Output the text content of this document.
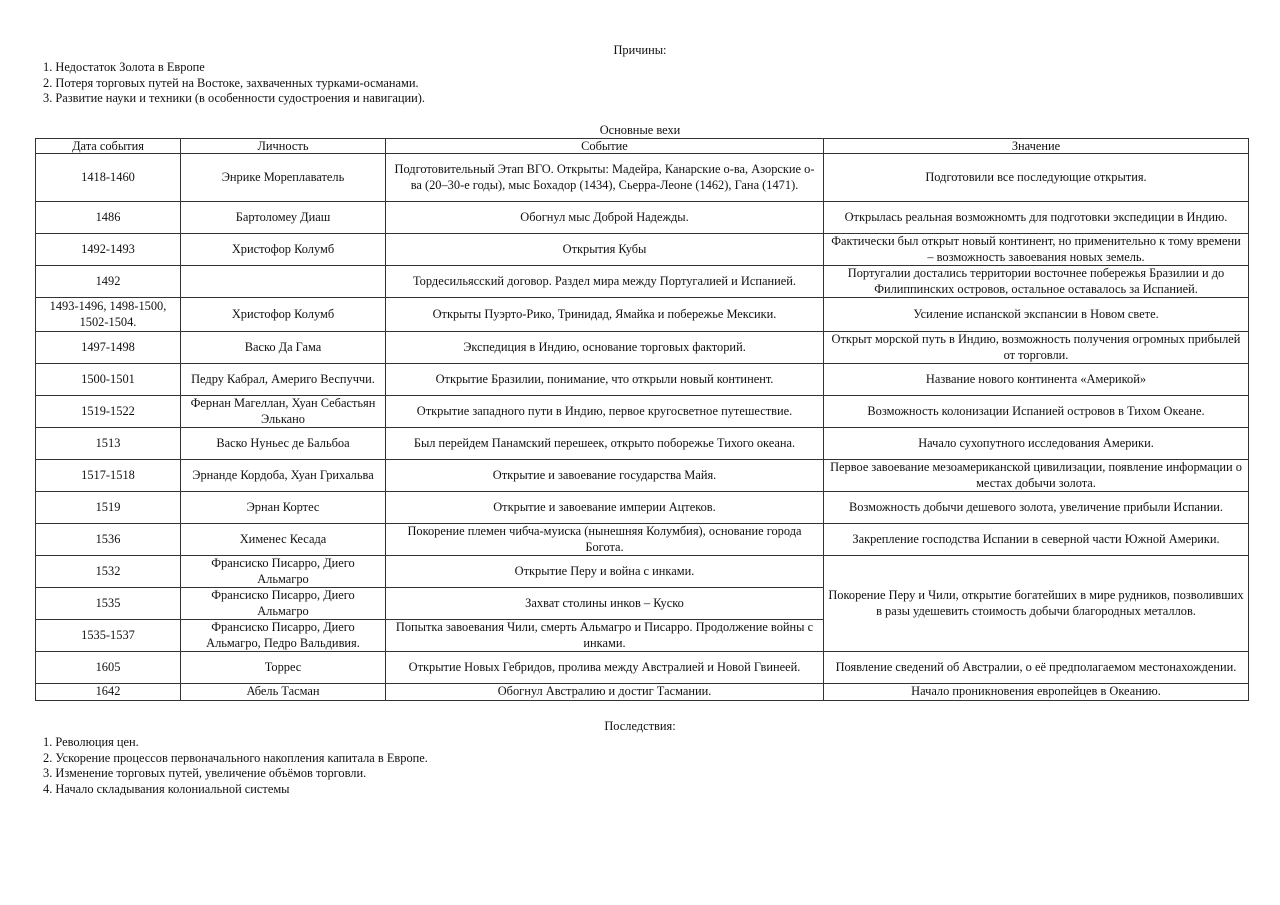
Причины:
1. Недостаток Золота в Европе
2. Потеря торговых путей на Востоке, захваченных турками-османами.
3. Развитие науки и техники (в особенности судостроения и навигации).
Основные вехи
Дата события	Личность	Событие	Значение
1418-1460	Энрике Мореплаватель	Подготовительный Этап ВГО. Открыты: Мадейра, Канарские о-ва, Азорские о-ва (20–30-е годы), мыс Бохадор (1434), Сьерра-Леоне (1462), Гана (1471).	Подготовили все последующие открытия.
1486	Бартоломеу Диаш	Обогнул мыс Доброй Надежды.	Открылась реальная возможномть для подготовки экспедиции в Индию.
1492-1493	Христофор Колумб	Открытия Кубы	Фактически был открыт новый континент, но применительно к тому времени – возможность завоевания новых земель.
1492		Тордесильясский договор. Раздел мира между Португалией и Испанией.	Португалии достались территории восточнее побережья Бразилии и до Филиппинских островов, остальное оставалось за Испанией.
1493-1496, 1498-1500, 1502-1504.	Христофор Колумб	Открыты Пуэрто-Рико, Тринидад, Ямайка и побережье Мексики.	Усиление испанской экспансии в Новом свете.
1497-1498	Васко Да Гама	Экспедиция в Индию, основание торговых факторий.	Открыт морской путь в Индию, возможность получения огромных прибылей от торговли.
1500-1501	Педру Кабрал, Америго Веспуччи.	Открытие Бразилии, понимание, что открыли новый континент.	Название нового континента «Америкой»
1519-1522	Фернан Магеллан, Хуан Себастьян Элькано	Открытие западного пути в Индию, первое кругосветное путешествие.	Возможность колонизации Испанией островов в Тихом Океане.
1513	Васко Нуньес де Бальбоа	Был перейдем Панамский перешеек, открыто поборежье Тихого океана.	Начало сухопутного исследования Америки.
1517-1518	Эрнанде Кордоба, Хуан Грихальва	Открытие и завоевание государства Майя.	Первое завоевание мезоамериканской цивилизации, появление информации о местах добычи золота.
1519	Эрнан Кортес	Открытие и завоевание империи Ацтеков.	Возможность добычи дешевого золота, увеличение прибыли Испании.
1536	Хименес Кесада	Покорение племен чибча-муиска (нынешняя Колумбия), основание города Богота.	Закрепление господства Испании в северной части Южной Америки.
1532	Франсиско Писарро, Диего Альмагро	Открытие Перу и война с инками.	Покорение Перу и Чили, открытие богатейших в мире рудников, позволивших в разы удешевить стоимость добычи благородных металлов.
1535	Франсиско Писарро, Диего Альмагро	Захват столины инков – Куско	
1535-1537	Франсиско Писарро, Диего Альмагро, Педро Вальдивия.	Попытка завоевания Чили, смерть Альмагро и Писарро. Продолжение войны с инками.	
1605	Торрес	Открытие Новых Гебридов, пролива между Австралией и Новой Гвинеей.	Появление сведений об Австралии, о её предполагаемом местонахождении.
1642	Абель Тасман	Обогнул Австралию и достиг Тасмании.	Начало проникновения европейцев в Океанию.
Последствия:
1. Революция цен.
2. Ускорение процессов первоначального накопления капитала в Европе.
3. Изменение торговых путей, увеличение объёмов торговли.
4. Начало складывания колониальной системы
